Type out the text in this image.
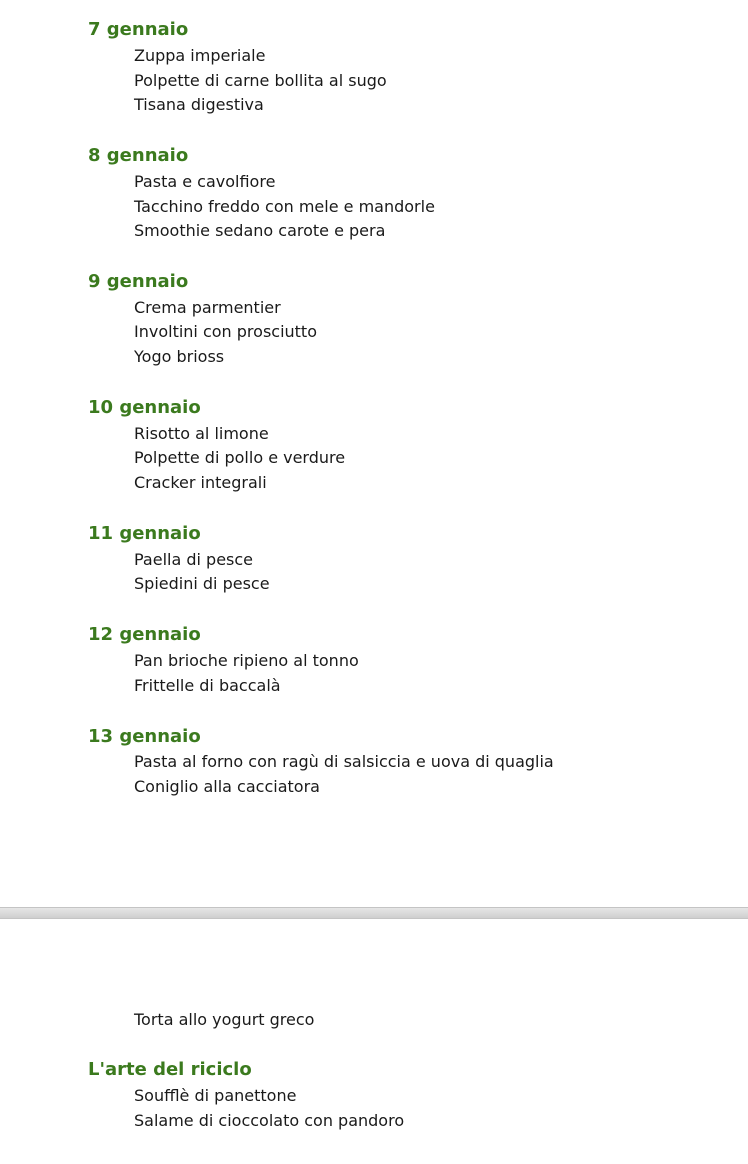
7 gennaio

Zuppa imperiale

Polpette di carne bollita al sugo

Tisana digestiva

8 gennaio

Pasta e cavolfiore

Tacchino freddo con mele e mandorle

Smoothie sedano carote e pera

9 gennaio

Crema parmentier

Involtini con prosciutto

Yogo brioss

10 gennaio

Risotto al limone

Polpette di pollo e verdure

Cracker integrali

11 gennaio

Paella di pesce

Spiedini di pesce

12 gennaio

Pan brioche ripieno al tonno

Frittelle di baccalà

13 gennaio

Pasta al forno con ragù di salsiccia e uova di quaglia

Coniglio alla cacciatora

Torta allo yogurt greco

L'arte del riciclo

Soufflè di panettone

Salame di cioccolato con pandoro
